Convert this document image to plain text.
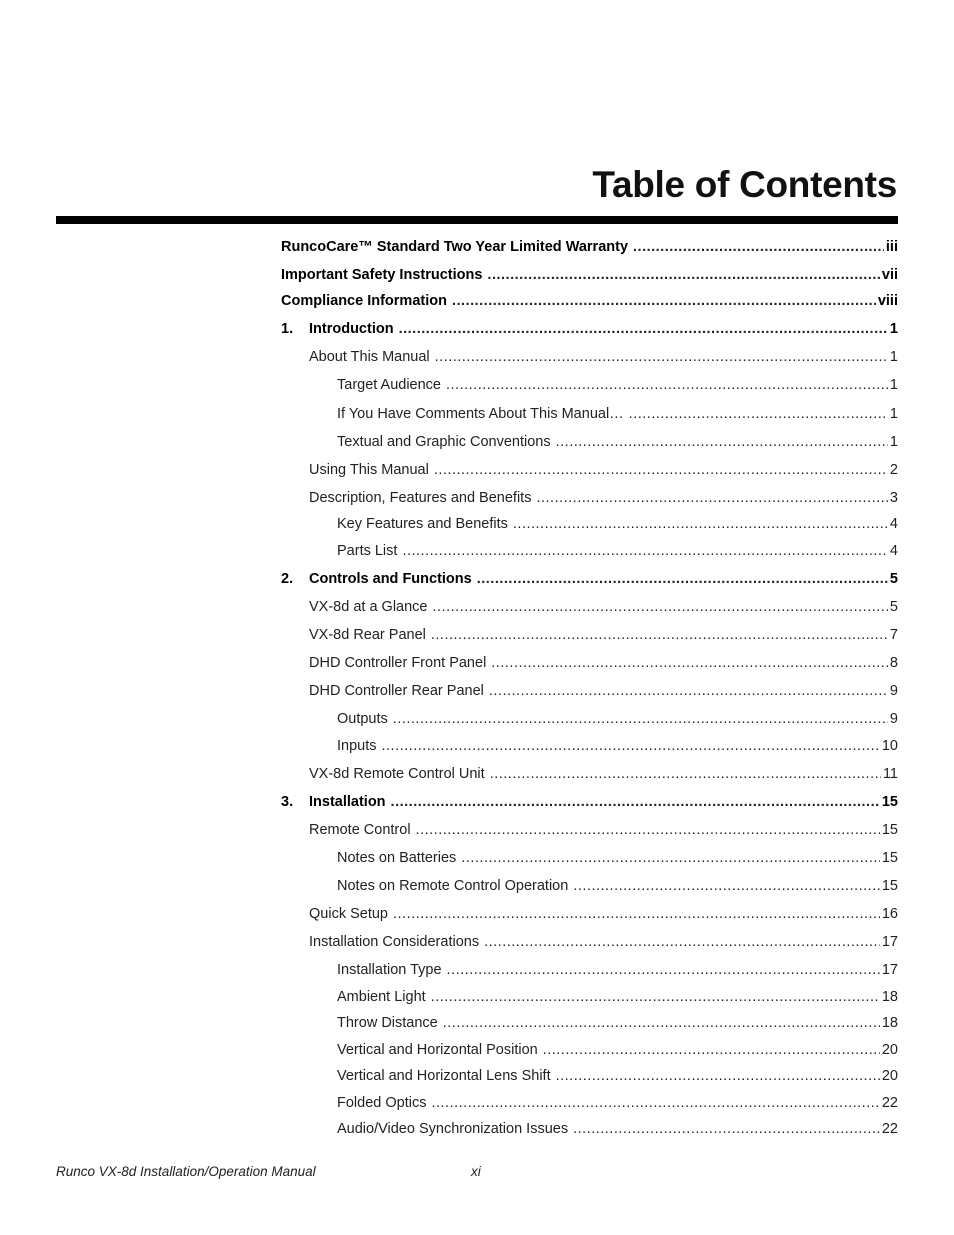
Table of Contents
RuncoCare™ Standard Two Year Limited Warranty .....	iii
Important Safety Instructions .....	vii
Compliance Information .....	viii
1.	Introduction .....	1
About This Manual .....	1
Target Audience .....	1
If You Have Comments About This Manual… .....	1
Textual and Graphic Conventions .....	1
Using This Manual .....	2
Description, Features and Benefits .....	3
Key Features and Benefits .....	4
Parts List .....	4
2.	Controls and Functions .....	5
VX-8d at a Glance .....	5
VX-8d Rear Panel .....	7
DHD Controller Front Panel .....	8
DHD Controller Rear Panel .....	9
Outputs .....	9
Inputs .....	10
VX-8d Remote Control Unit .....	11
3.	Installation .....	15
Remote Control .....	15
Notes on Batteries .....	15
Notes on Remote Control Operation .....	15
Quick Setup .....	16
Installation Considerations .....	17
Installation Type .....	17
Ambient Light .....	18
Throw Distance .....	18
Vertical and Horizontal Position .....	20
Vertical and Horizontal Lens Shift .....	20
Folded Optics .....	22
Audio/Video Synchronization Issues .....	22
Runco VX-8d Installation/Operation Manual	xi
